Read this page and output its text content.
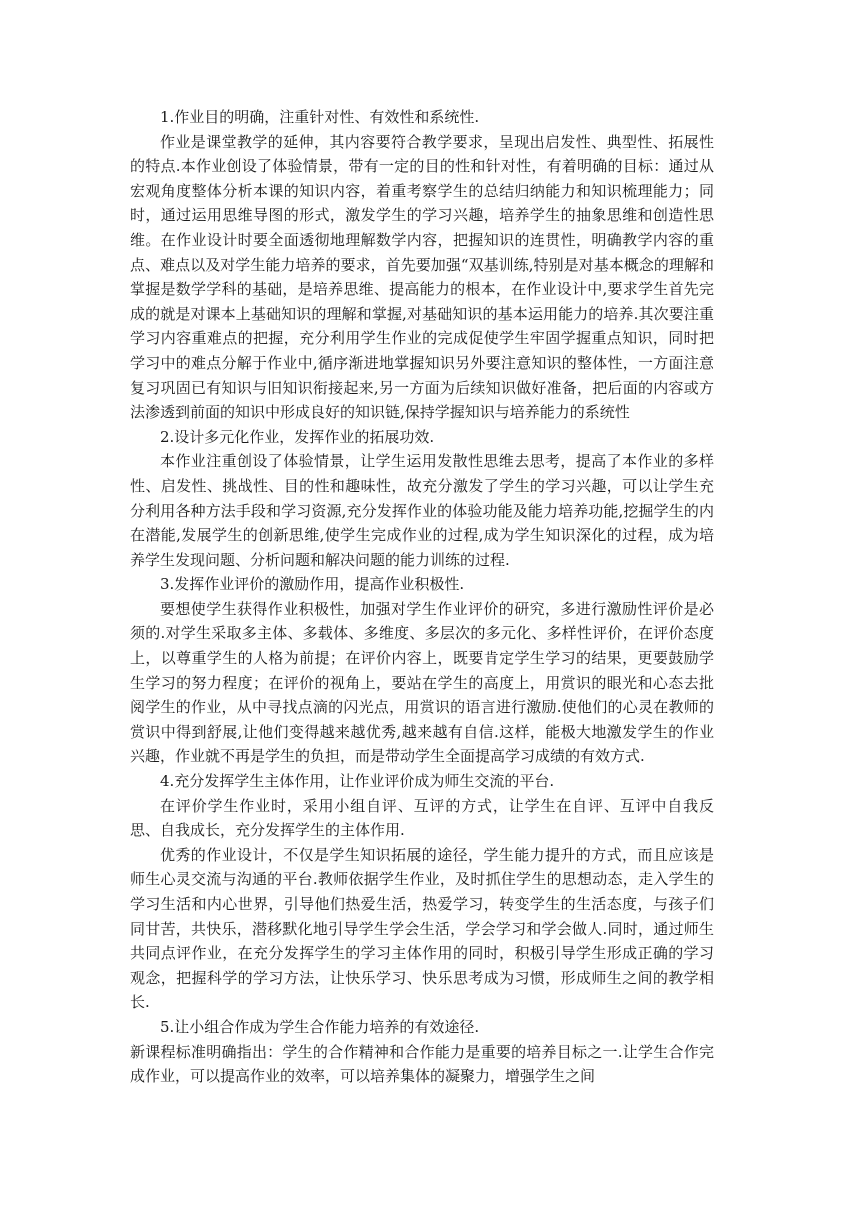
1.作业目的明确，注重针对性、有效性和系统性.

作业是课堂教学的延伸，其内容要符合教学要求，呈现出启发性、典型性、拓展性的特点.本作业创设了体验情景，带有一定的目的性和针对性，有着明确的目标：通过从宏观角度整体分析本课的知识内容，着重考察学生的总结归纳能力和知识梳理能力；同时，通过运用思维导图的形式，激发学生的学习兴趣，培养学生的抽象思维和创造性思维。在作业设计时要全面透彻地理解数学内容，把握知识的连贯性，明确教学内容的重点、难点以及对学生能力培养的要求，首先要加强“双基训练,特别是对基本概念的理解和掌握是数学学科的基础，是培养思维、提高能力的根本，在作业设计中,要求学生首先完成的就是对课本上基础知识的理解和掌握,对基础知识的基本运用能力的培养.其次要注重学习内容重难点的把握，充分利用学生作业的完成促使学生牢固学握重点知识，同时把学习中的难点分解于作业中,循序渐进地掌握知识另外要注意知识的整体性，一方面注意复习巩固已有知识与旧知识衔接起来,另一方面为后续知识做好准备，把后面的内容或方法渗透到前面的知识中形成良好的知识链,保持学握知识与培养能力的系统性

2.设计多元化作业，发挥作业的拓展功效.

本作业注重创设了体验情景，让学生运用发散性思维去思考，提高了本作业的多样性、启发性、挑战性、目的性和趣味性，故充分激发了学生的学习兴趣，可以让学生充分利用各种方法手段和学习资源,充分发挥作业的体验功能及能力培养功能,挖掘学生的内在潜能,发展学生的创新思维,使学生完成作业的过程,成为学生知识深化的过程，成为培养学生发现问题、分析问题和解决问题的能力训练的过程.

3.发挥作业评价的激励作用，提高作业积极性.

要想使学生获得作业积极性，加强对学生作业评价的研究，多进行激励性评价是必须的.对学生采取多主体、多载体、多维度、多层次的多元化、多样性评价，在评价态度上，以尊重学生的人格为前提；在评价内容上，既要肯定学生学习的结果，更要鼓励学生学习的努力程度；在评价的视角上，要站在学生的高度上，用赏识的眼光和心态去批阅学生的作业，从中寻找点滴的闪光点，用赏识的语言进行激励.使他们的心灵在教师的赏识中得到舒展,让他们变得越来越优秀,越来越有自信.这样，能极大地激发学生的作业兴趣，作业就不再是学生的负担，而是带动学生全面提高学习成绩的有效方式.

4.充分发挥学生主体作用，让作业评价成为师生交流的平台.

在评价学生作业时，采用小组自评、互评的方式，让学生在自评、互评中自我反思、自我成长，充分发挥学生的主体作用.

优秀的作业设计，不仅是学生知识拓展的途径，学生能力提升的方式，而且应该是师生心灵交流与沟通的平台.教师依据学生作业，及时抓住学生的思想动态，走入学生的学习生活和内心世界，引导他们热爱生活，热爱学习，转变学生的生活态度，与孩子们同甘苦，共快乐，潜移默化地引导学生学会生活，学会学习和学会做人.同时，通过师生共同点评作业，在充分发挥学生的学习主体作用的同时，积极引导学生形成正确的学习观念，把握科学的学习方法，让快乐学习、快乐思考成为习惯，形成师生之间的教学相长.

5.让小组合作成为学生合作能力培养的有效途径.

新课程标准明确指出：学生的合作精神和合作能力是重要的培养目标之一.让学生合作完成作业，可以提高作业的效率，可以培养集体的凝聚力，增强学生之间
